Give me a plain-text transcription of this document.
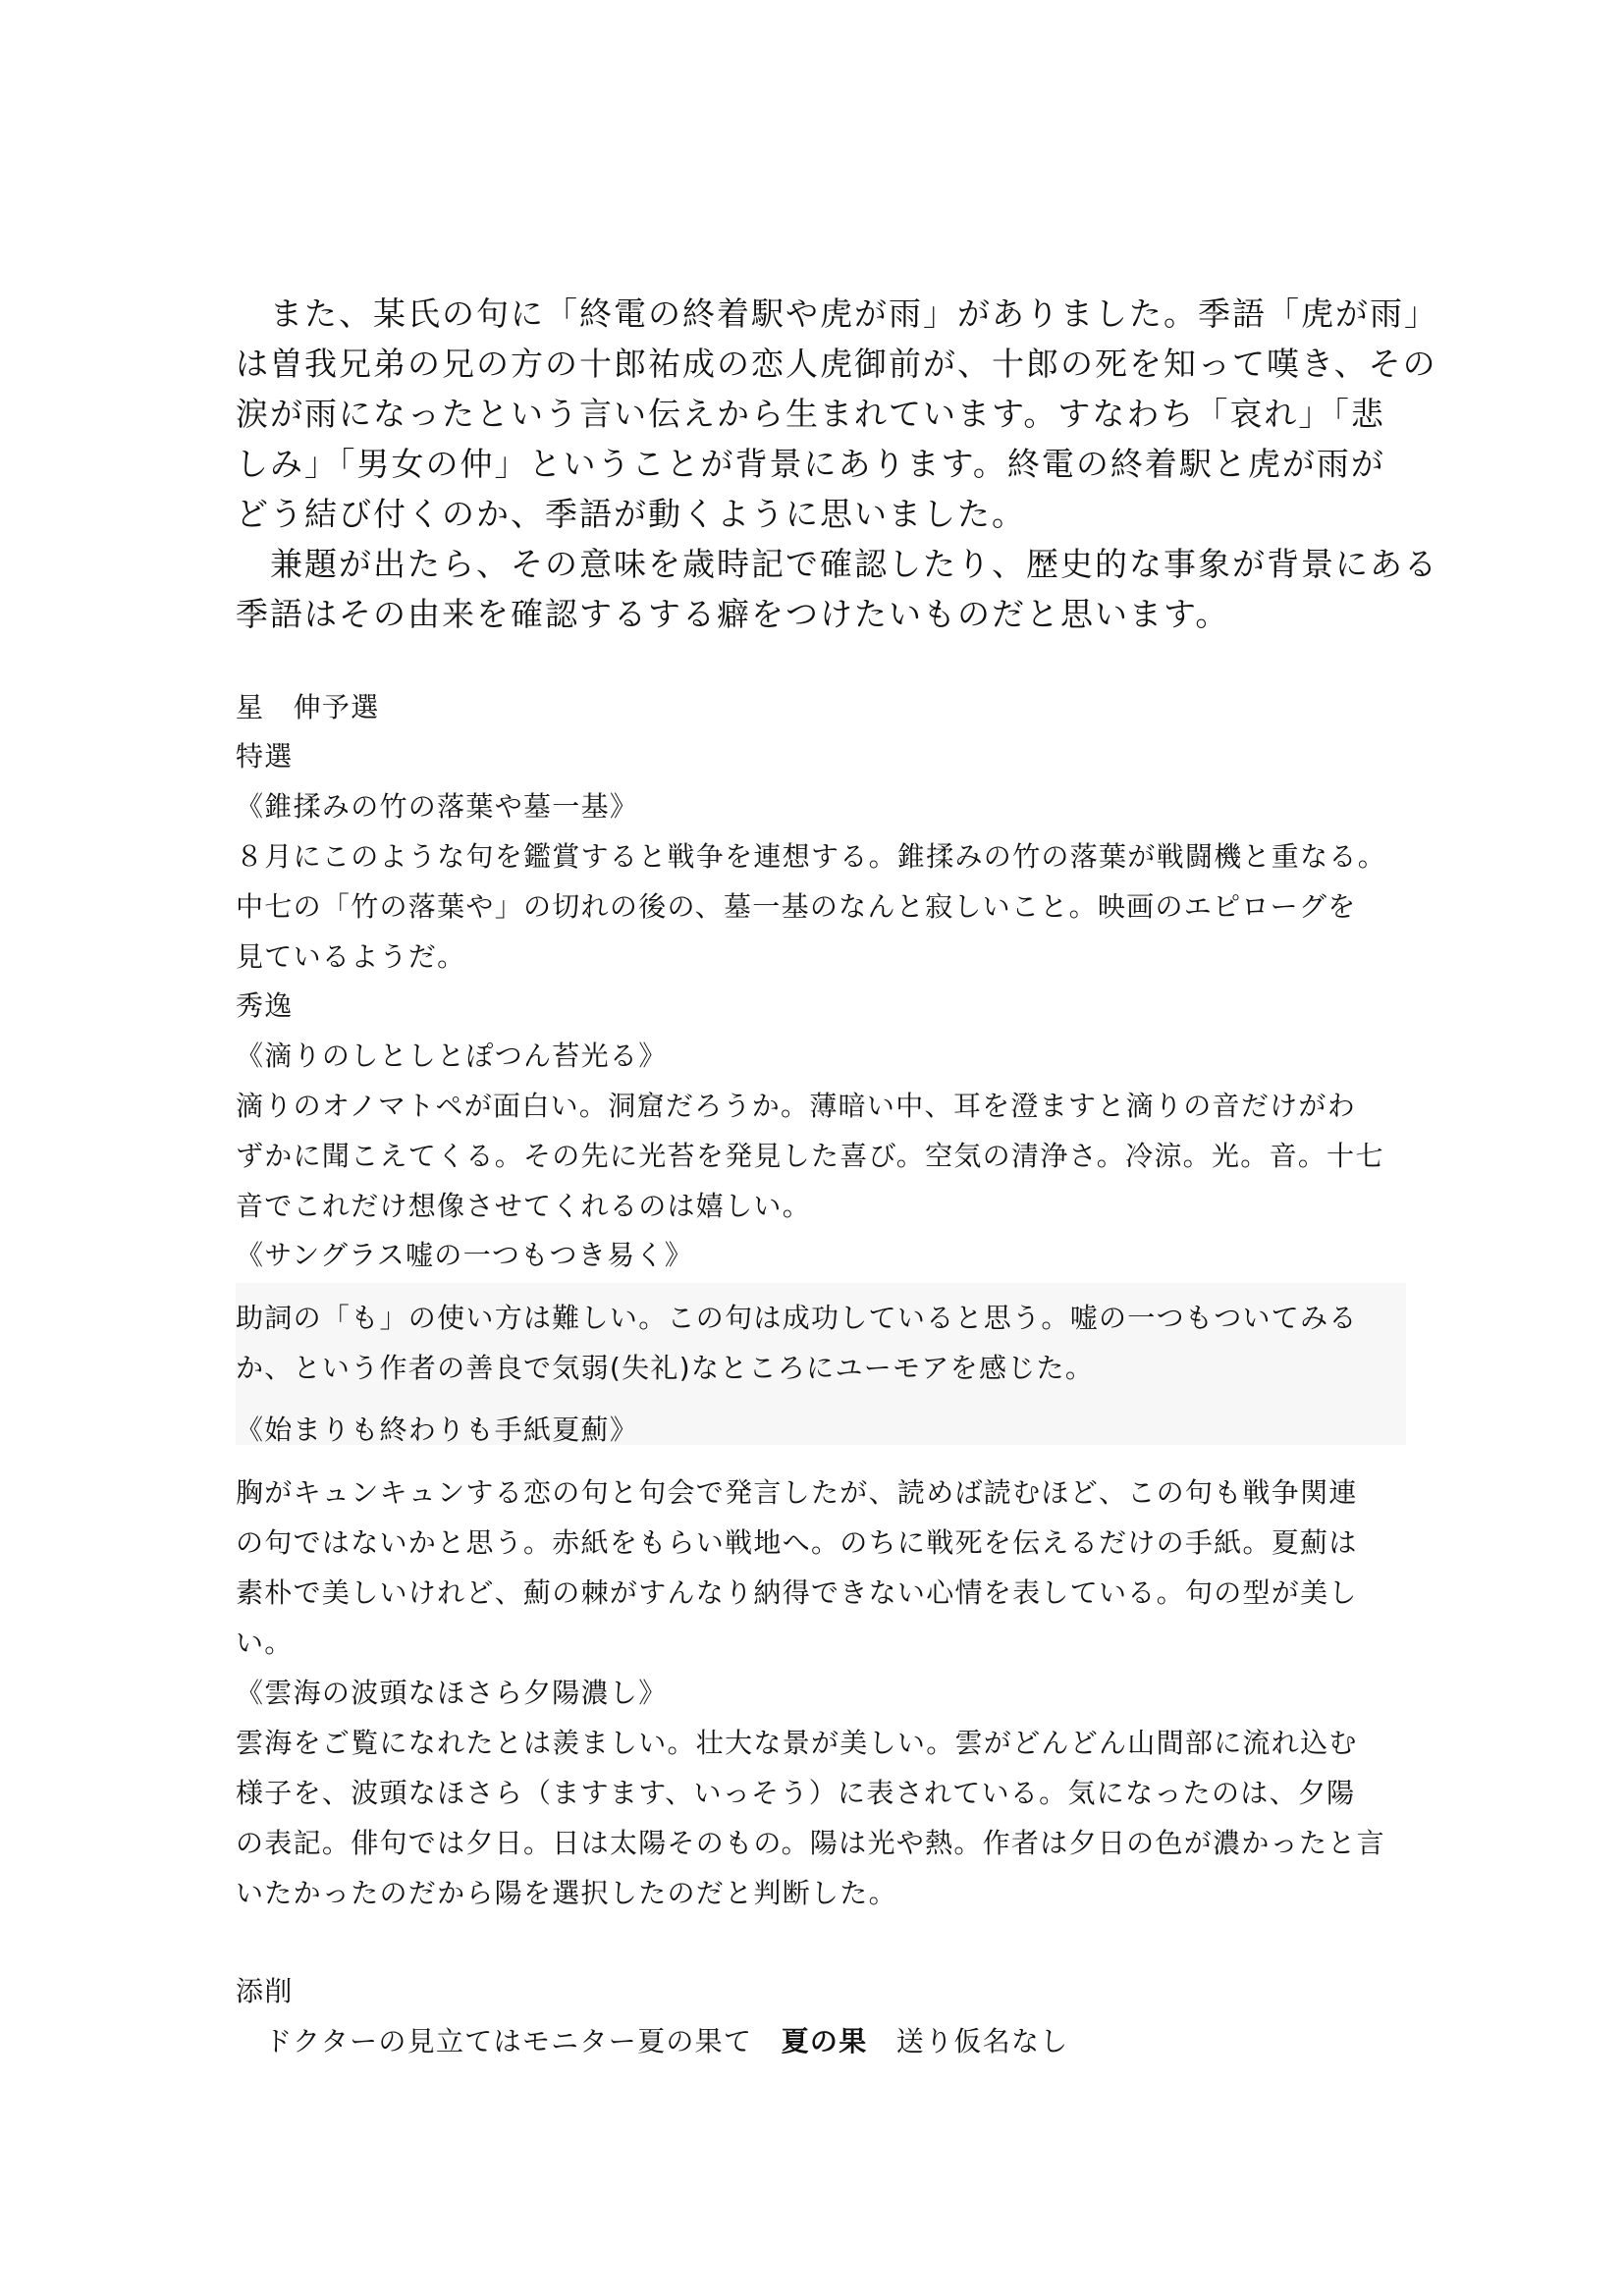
　また、某氏の句に「終電の終着駅や虎が雨」がありました。季語「虎が雨」
は曽我兄弟の兄の方の十郎祐成の恋人虎御前が、十郎の死を知って嘆き、その
涙が雨になったという言い伝えから生まれています。すなわち「哀れ」「悲
しみ」「男女の仲」ということが背景にあります。終電の終着駅と虎が雨が
どう結び付くのか、季語が動くように思いました。
　兼題が出たら、その意味を歳時記で確認したり、歴史的な事象が背景にある
季語はその由来を確認するする癖をつけたいものだと思います。
星　伸予選
特選
《錐揉みの竹の落葉や墓一基》
８月にこのような句を鑑賞すると戦争を連想する。錐揉みの竹の落葉が戦闘機と重なる。
中七の「竹の落葉や」の切れの後の、墓一基のなんと寂しいこと。映画のエピローグを
見ているようだ。
秀逸
《滴りのしとしとぽつん苔光る》
滴りのオノマトペが面白い。洞窟だろうか。薄暗い中、耳を澄ますと滴りの音だけがわ
ずかに聞こえてくる。その先に光苔を発見した喜び。空気の清浄さ。冷涼。光。音。十七
音でこれだけ想像させてくれるのは嬉しい。
《サングラス嘘の一つもつき易く》
助詞の「も」の使い方は難しい。この句は成功していると思う。嘘の一つもついてみる
か、という作者の善良で気弱(失礼)なところにユーモアを感じた。
《始まりも終わりも手紙夏薊》
胸がキュンキュンする恋の句と句会で発言したが、読めば読むほど、この句も戦争関連
の句ではないかと思う。赤紙をもらい戦地へ。のちに戦死を伝えるだけの手紙。夏薊は
素朴で美しいけれど、薊の棘がすんなり納得できない心情を表している。句の型が美し
い。
《雲海の波頭なほさら夕陽濃し》
雲海をご覧になれたとは羨ましい。壮大な景が美しい。雲がどんどん山間部に流れ込む
様子を、波頭なほさら（ますます、いっそう）に表されている。気になったのは、夕陽
の表記。俳句では夕日。日は太陽そのもの。陽は光や熱。作者は夕日の色が濃かったと言
いたかったのだから陽を選択したのだと判断した。
添削
　ドクターの見立てはモニター夏の果て　夏の果　送り仮名なし
